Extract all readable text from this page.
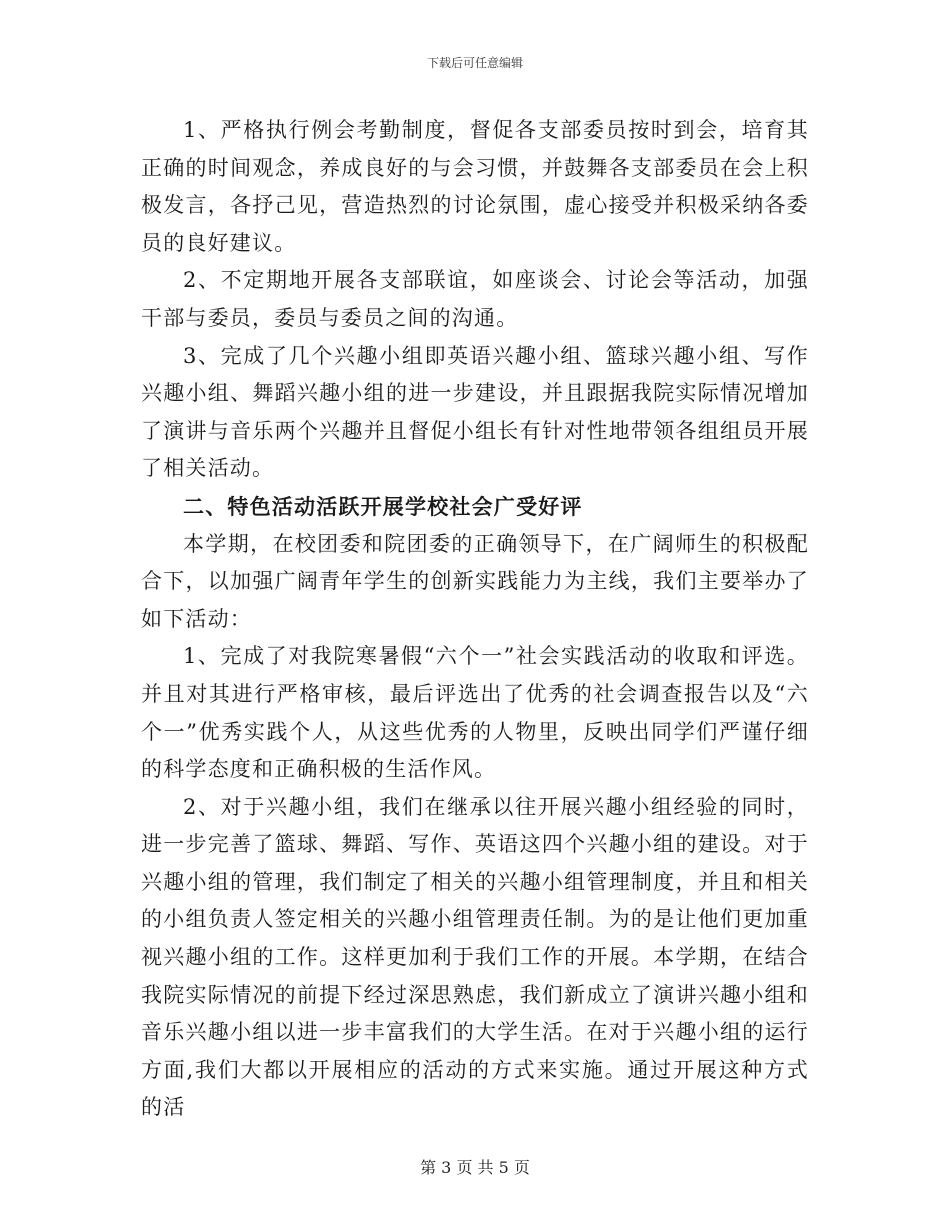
下载后可任意编辑

1、严格执行例会考勤制度，督促各支部委员按时到会，培育其正确的时间观念，养成良好的与会习惯，并鼓舞各支部委员在会上积极发言，各抒己见，营造热烈的讨论氛围，虚心接受并积极采纳各委员的良好建议。

2、不定期地开展各支部联谊，如座谈会、讨论会等活动，加强干部与委员，委员与委员之间的沟通。

3、完成了几个兴趣小组即英语兴趣小组、篮球兴趣小组、写作兴趣小组、舞蹈兴趣小组的进一步建设，并且跟据我院实际情况增加了演讲与音乐两个兴趣并且督促小组长有针对性地带领各组组员开展了相关活动。

二、特色活动活跃开展学校社会广受好评

本学期，在校团委和院团委的正确领导下，在广阔师生的积极配合下，以加强广阔青年学生的创新实践能力为主线，我们主要举办了如下活动：

1、完成了对我院寒暑假“六个一”社会实践活动的收取和评选。并且对其进行严格审核，最后评选出了优秀的社会调查报告以及“六个一”优秀实践个人，从这些优秀的人物里，反映出同学们严谨仔细的科学态度和正确积极的生活作风。

2、对于兴趣小组，我们在继承以往开展兴趣小组经验的同时，进一步完善了篮球、舞蹈、写作、英语这四个兴趣小组的建设。对于兴趣小组的管理，我们制定了相关的兴趣小组管理制度，并且和相关的小组负责人签定相关的兴趣小组管理责任制。为的是让他们更加重视兴趣小组的工作。这样更加利于我们工作的开展。本学期，在结合我院实际情况的前提下经过深思熟虑，我们新成立了演讲兴趣小组和音乐兴趣小组以进一步丰富我们的大学生活。在对于兴趣小组的运行方面,我们大都以开展相应的活动的方式来实施。通过开展这种方式的活

第 3 页 共 5 页
